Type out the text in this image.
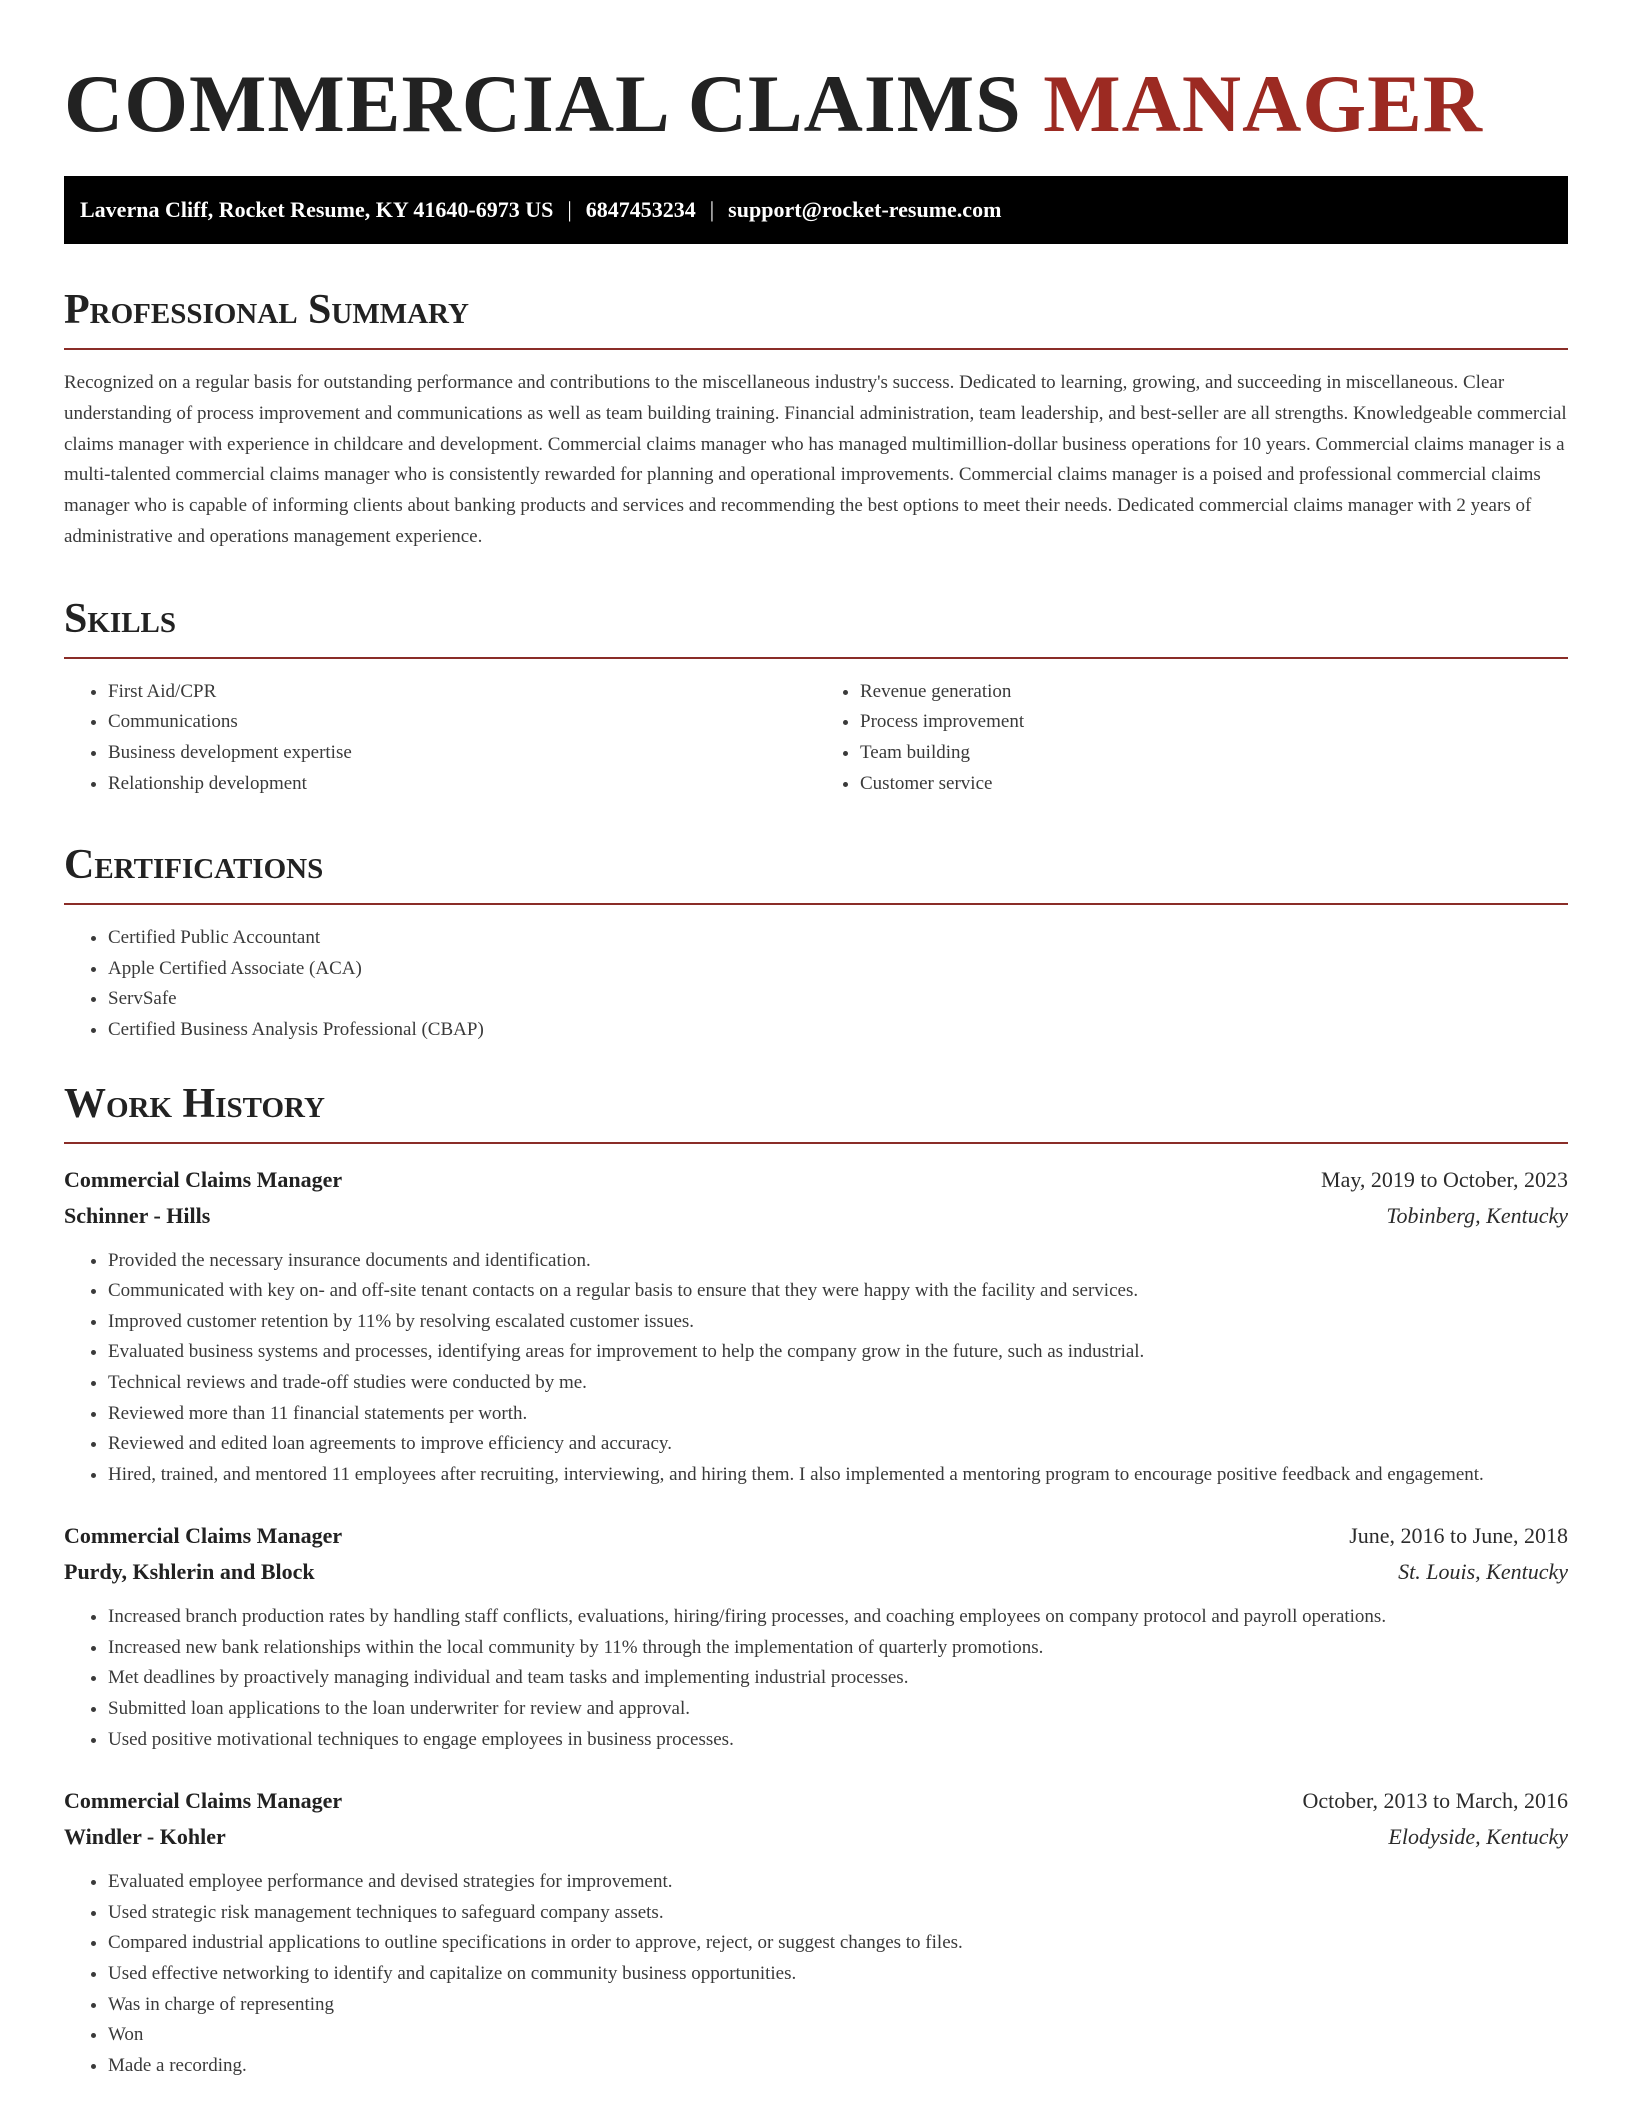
COMMERCIAL CLAIMS MANAGER
Laverna Cliff, Rocket Resume, KY 41640-6973 US | 6847453234 | support@rocket-resume.com
Professional Summary

Recognized on a regular basis for outstanding performance and contributions to the miscellaneous industry's success. Dedicated to learning, growing, and succeeding in miscellaneous. Clear understanding of process improvement and communications as well as team building training. Financial administration, team leadership, and best-seller are all strengths. Knowledgeable commercial claims manager with experience in childcare and development. Commercial claims manager who has managed multimillion-dollar business operations for 10 years. Commercial claims manager is a multi-talented commercial claims manager who is consistently rewarded for planning and operational improvements. Commercial claims manager is a poised and professional commercial claims manager who is capable of informing clients about banking products and services and recommending the best options to meet their needs. Dedicated commercial claims manager with 2 years of administrative and operations management experience.

Skills
• First Aid/CPR
• Communications
• Business development expertise
• Relationship development
• Revenue generation
• Process improvement
• Team building
• Customer service
Certifications
• Certified Public Accountant
• Apple Certified Associate (ACA)
• ServSafe
• Certified Business Analysis Professional (CBAP)
Work History
Commercial Claims Manager	May, 2019 to October, 2023
Schinner - Hills	Tobinberg, Kentucky
• Provided the necessary insurance documents and identification.
• Communicated with key on- and off-site tenant contacts on a regular basis to ensure that they were happy with the facility and services.
• Improved customer retention by 11% by resolving escalated customer issues.
• Evaluated business systems and processes, identifying areas for improvement to help the company grow in the future, such as industrial.
• Technical reviews and trade-off studies were conducted by me.
• Reviewed more than 11 financial statements per worth.
• Reviewed and edited loan agreements to improve efficiency and accuracy.
• Hired, trained, and mentored 11 employees after recruiting, interviewing, and hiring them. I also implemented a mentoring program to encourage positive feedback and engagement.
Commercial Claims Manager	June, 2016 to June, 2018
Purdy, Kshlerin and Block	St. Louis, Kentucky
• Increased branch production rates by handling staff conflicts, evaluations, hiring/firing processes, and coaching employees on company protocol and payroll operations.
• Increased new bank relationships within the local community by 11% through the implementation of quarterly promotions.
• Met deadlines by proactively managing individual and team tasks and implementing industrial processes.
• Submitted loan applications to the loan underwriter for review and approval.
• Used positive motivational techniques to engage employees in business processes.
Commercial Claims Manager	October, 2013 to March, 2016
Windler - Kohler	Elodyside, Kentucky
• Evaluated employee performance and devised strategies for improvement.
• Used strategic risk management techniques to safeguard company assets.
• Compared industrial applications to outline specifications in order to approve, reject, or suggest changes to files.
• Used effective networking to identify and capitalize on community business opportunities.
• Was in charge of representing
• Won
• Made a recording.
